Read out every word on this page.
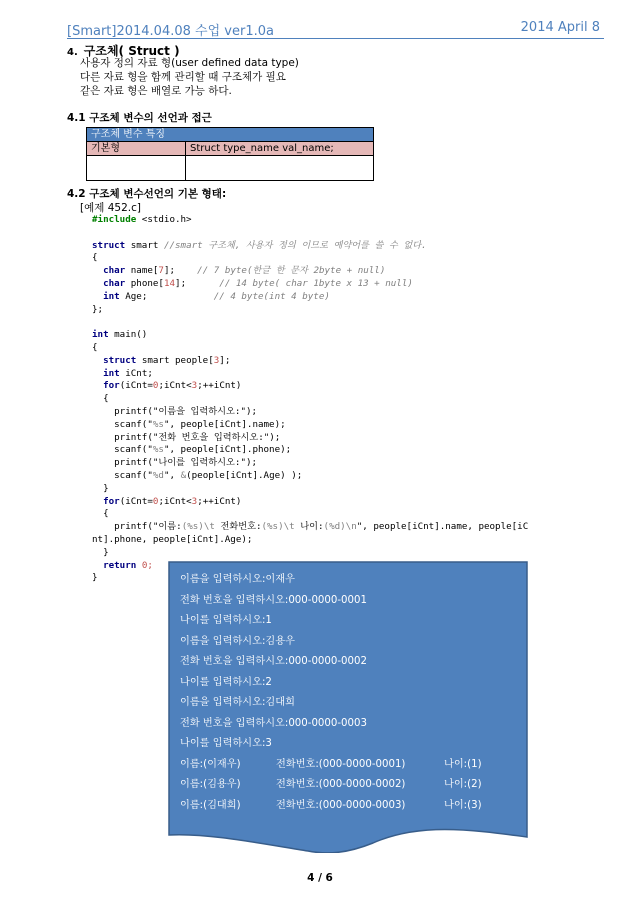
[Smart]2014.04.08 수업 ver1.0a	2014 April 8
4. 구조체( Struct )
사용자 정의 자료 형(user defined data type)
다른 자료 형을 함께 관리할 때 구조체가 필요
같은 자료 형은 배열로 가능 하다.
4.1 구조체 변수의 선언과 접근
구조체 변수 특징	
기본형	Struct type_name val_name;

4.2 구조체 변수선언의 기본 형태:
[예제 452.c]
#include <stdio.h>

struct smart //smart 구조체, 사용자 정의 이므로 예약어를 쓸 수 없다.
{
char name[7];    // 7 byte(한글 한 문자 2byte + null)
char phone[14];      // 14 byte( char 1byte x 13 + null)
int Age;            // 4 byte(int 4 byte)
};

int main()
{
struct smart people[3];
int iCnt;
for(iCnt=0;iCnt<3;++iCnt)
{
printf("이름을 입력하시오:");
scanf("%s", people[iCnt].name);
printf("전화 번호을 입력하시오:");
scanf("%s", people[iCnt].phone);
printf("나이를 입력하시오:");
scanf("%d", &(people[iCnt].Age) );
}
for(iCnt=0;iCnt<3;++iCnt)
{
printf("이름:(%s)\t 전화번호:(%s)\t 나이:(%d)\n", people[iCnt].name, people[iC
nt].phone, people[iCnt].Age);
}
return 0;
}	이름을 입력하시오:이재우
전화 번호을 입력하시오:000-0000-0001
나이를 입력하시오:1
이름을 입력하시오:김용우
전화 번호을 입력하시오:000-0000-0002
나이를 입력하시오:2
이름을 입력하시오:김대희
전화 번호을 입력하시오:000-0000-0003
나이를 입력하시오:3
이름:(이재우)	전화번호:(000-0000-0001)	나이:(1)
이름:(김용우)	전화번호:(000-0000-0002)	나이:(2)
이름:(김대희)	전화번호:(000-0000-0003)	나이:(3)
4 / 6
